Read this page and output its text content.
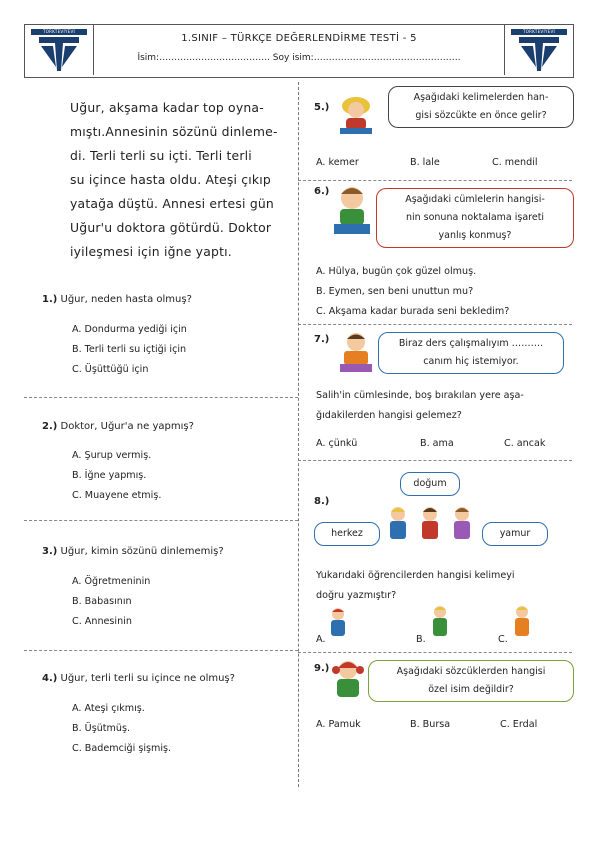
TORKTEVİYEVİ
1.SINIF – TÜRKÇE DEĞERLENDİRME TESTİ - 5
İsim:………………………………. Soy isim:………………………………………….
TORKTEVİYEVİ
Uğur, akşama kadar top oyna-
mıştı.Annesinin sözünü dinleme-
di. Terli terli su içti. Terli terli
su içince hasta oldu. Ateşi çıkıp
yatağa düştü. Annesi ertesi gün
Uğur'u doktora götürdü. Doktor
iyileşmesi için iğne yaptı.
1.) Uğur, neden hasta olmuş?
A. Dondurma yediği için
B. Terli terli su içtiği için
C. Üşüttüğü için
2.) Doktor, Uğur'a ne yapmış?
A. Şurup vermiş.
B. İğne yapmış.
C. Muayene etmiş.
3.) Uğur, kimin sözünü dinlememiş?
A. Öğretmeninin
B. Babasının
C. Annesinin
4.) Uğur, terli terli su içince ne olmuş?
A. Ateşi çıkmış.
B. Üşütmüş.
C. Bademciği şişmiş.
5.)
Aşağıdaki kelimelerden han-
gisi sözcükte en önce gelir?
A. kemer	B. lale	C. mendil
6.)
Aşağıdaki cümlelerin hangisi-
nin sonuna noktalama işareti
yanlış konmuş?
A. Hülya, bugün çok güzel olmuş.
B. Eymen, sen beni unuttun mu?
C. Akşama kadar burada seni bekledim?
7.)	Biraz ders çalışmalıyım ……….
canım hiç istemiyor.
Salih'in cümlesinde, boş bırakılan yere aşa-
ğıdakilerden hangisi gelemez?
A. çünkü	B. ama	C. ancak
8.)
doğum
herkez	yamur
Yukarıdaki öğrencilerden hangisi kelimeyi
doğru yazmıştır?
A.	B.	C.
9.)	Aşağıdaki sözcüklerden hangisi
özel isim değildir?
A. Pamuk	B. Bursa	C. Erdal
